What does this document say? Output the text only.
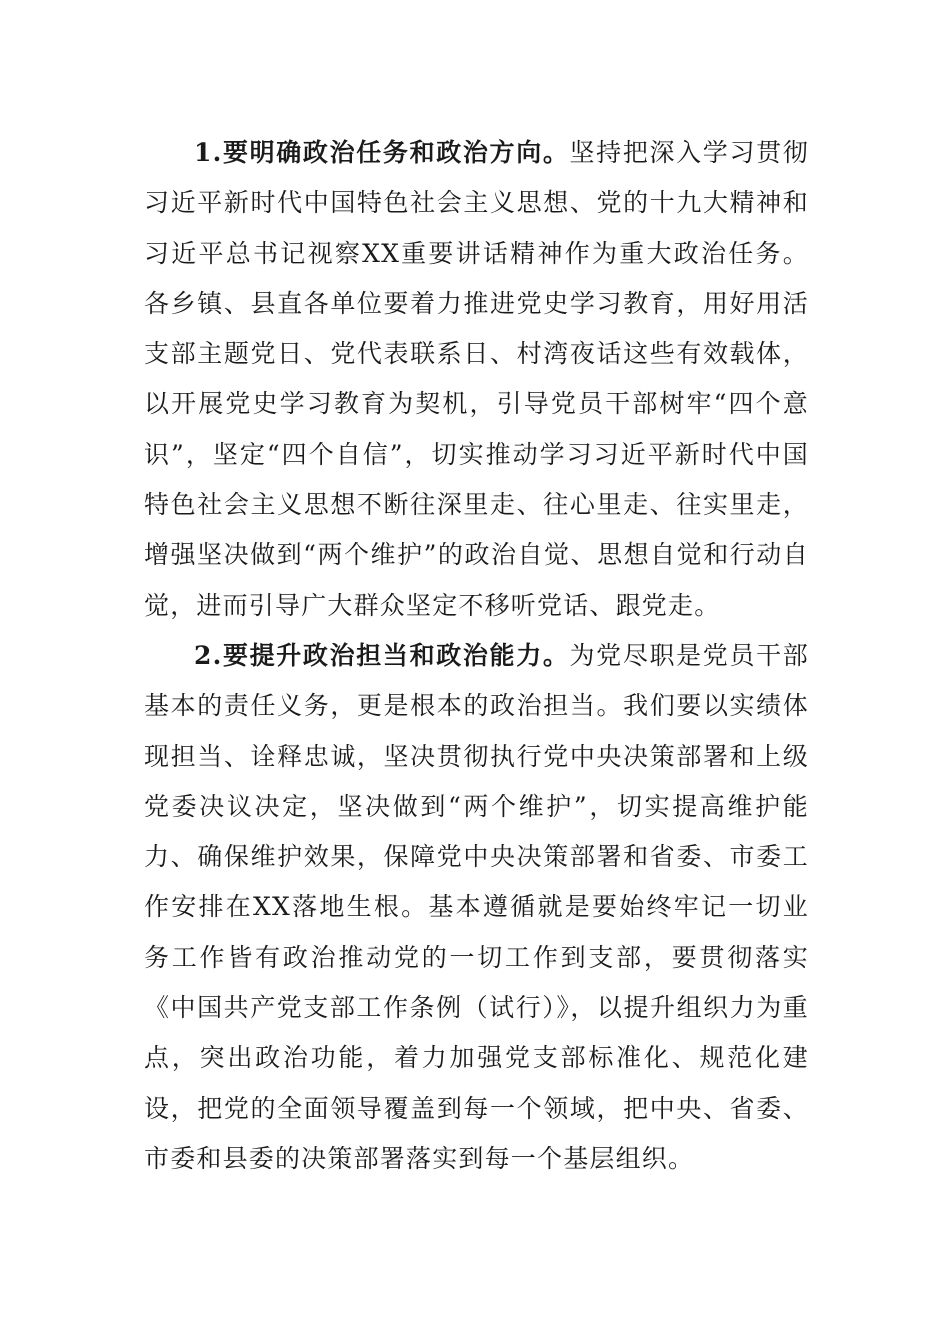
1.要明确政治任务和政治方向。坚持把深入学习贯彻习近平新时代中国特色社会主义思想、党的十九大精神和习近平总书记视察XX重要讲话精神作为重大政治任务。各乡镇、县直各单位要着力推进党史学习教育，用好用活支部主题党日、党代表联系日、村湾夜话这些有效载体，以开展党史学习教育为契机，引导党员干部树牢“四个意识”，坚定“四个自信”，切实推动学习习近平新时代中国特色社会主义思想不断往深里走、往心里走、往实里走，增强坚决做到“两个维护”的政治自觉、思想自觉和行动自觉，进而引导广大群众坚定不移听党话、跟党走。

2.要提升政治担当和政治能力。为党尽职是党员干部基本的责任义务，更是根本的政治担当。我们要以实绩体现担当、诠释忠诚，坚决贯彻执行党中央决策部署和上级党委决议决定，坚决做到“两个维护”，切实提高维护能力、确保维护效果，保障党中央决策部署和省委、市委工作安排在XX落地生根。基本遵循就是要始终牢记一切业务工作皆有政治推动党的一切工作到支部，要贯彻落实《中国共产党支部工作条例（试行）》，以提升组织力为重点，突出政治功能，着力加强党支部标准化、规范化建设，把党的全面领导覆盖到每一个领域，把中央、省委、市委和县委的决策部署落实到每一个基层组织。
